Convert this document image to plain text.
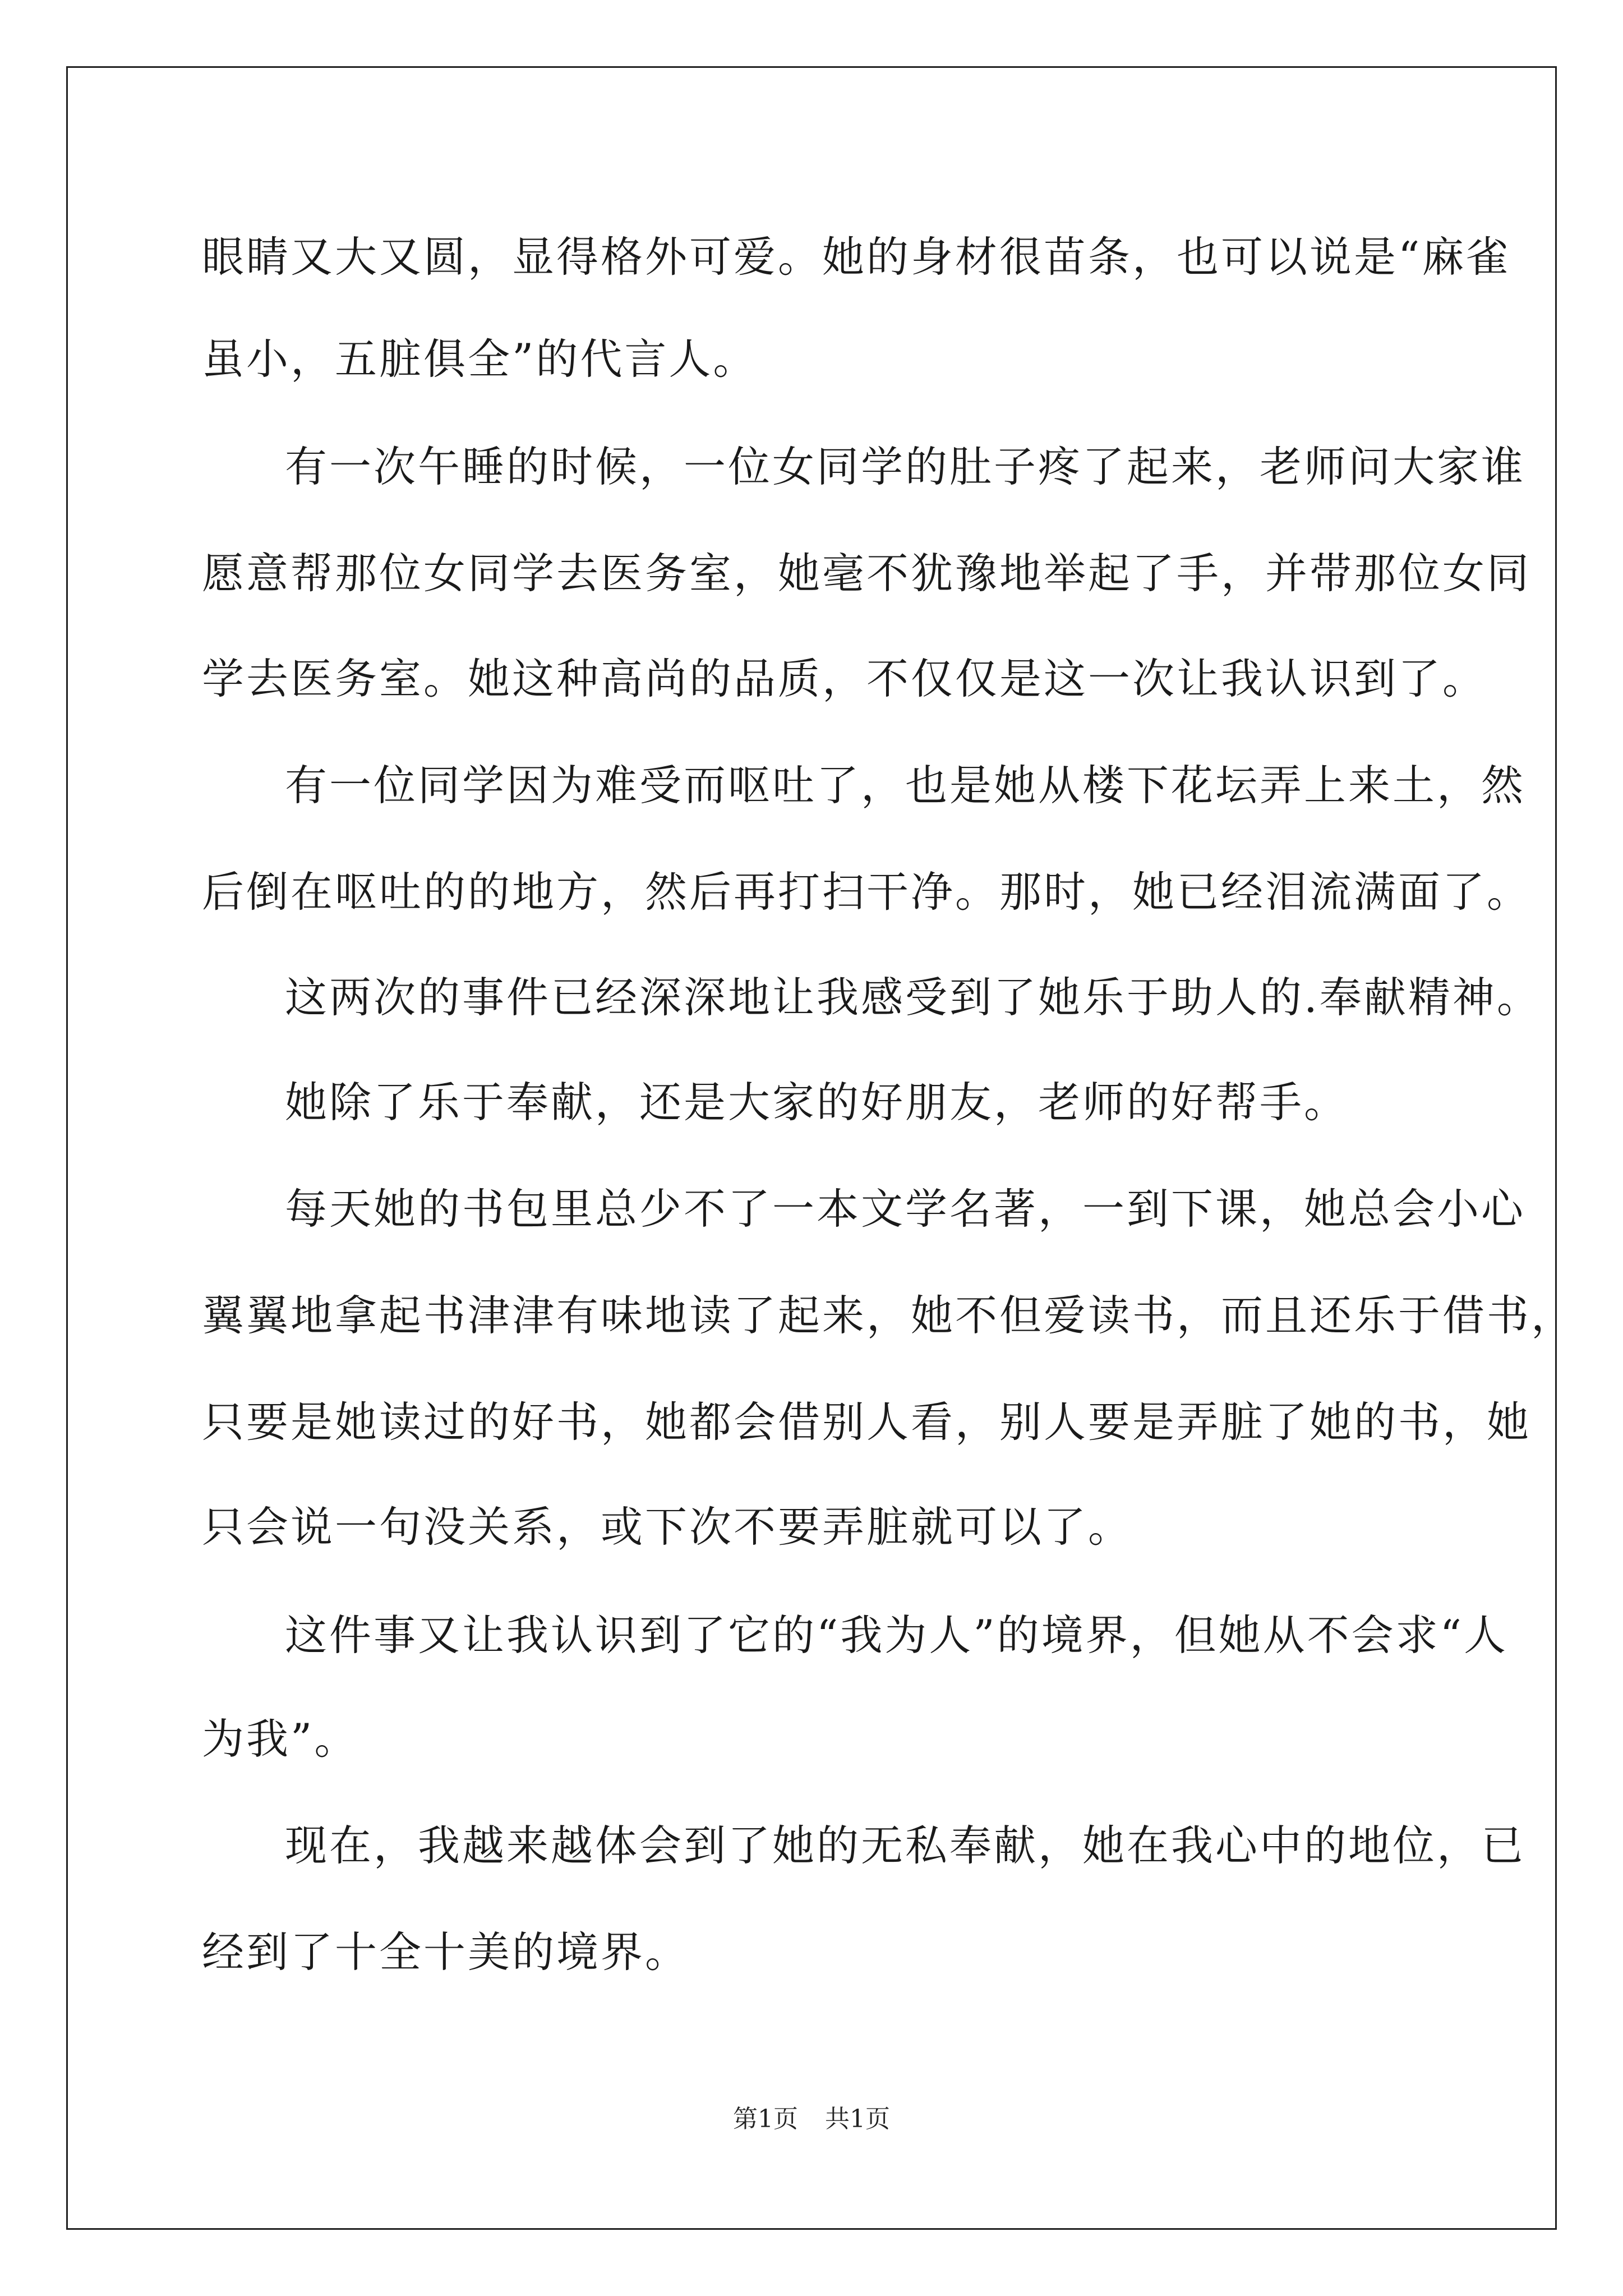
眼睛又大又圆，显得格外可爱。她的身材很苗条，也可以说是“麻雀
虽小，五脏俱全”的代言人。
有一次午睡的时候，一位女同学的肚子疼了起来，老师问大家谁
愿意帮那位女同学去医务室，她毫不犹豫地举起了手，并带那位女同
学去医务室。她这种高尚的品质，不仅仅是这一次让我认识到了。
有一位同学因为难受而呕吐了，也是她从楼下花坛弄上来土，然
后倒在呕吐的的地方，然后再打扫干净。那时，她已经泪流满面了。
这两次的事件已经深深地让我感受到了她乐于助人的.奉献精神。
她除了乐于奉献，还是大家的好朋友，老师的好帮手。
每天她的书包里总少不了一本文学名著，一到下课，她总会小心
翼翼地拿起书津津有味地读了起来，她不但爱读书，而且还乐于借书，
只要是她读过的好书，她都会借别人看，别人要是弄脏了她的书，她
只会说一句没关系，或下次不要弄脏就可以了。
这件事又让我认识到了它的“我为人”的境界，但她从不会求“人
为我”。
现在，我越来越体会到了她的无私奉献，她在我心中的地位，已
经到了十全十美的境界。
第1页 共1页
